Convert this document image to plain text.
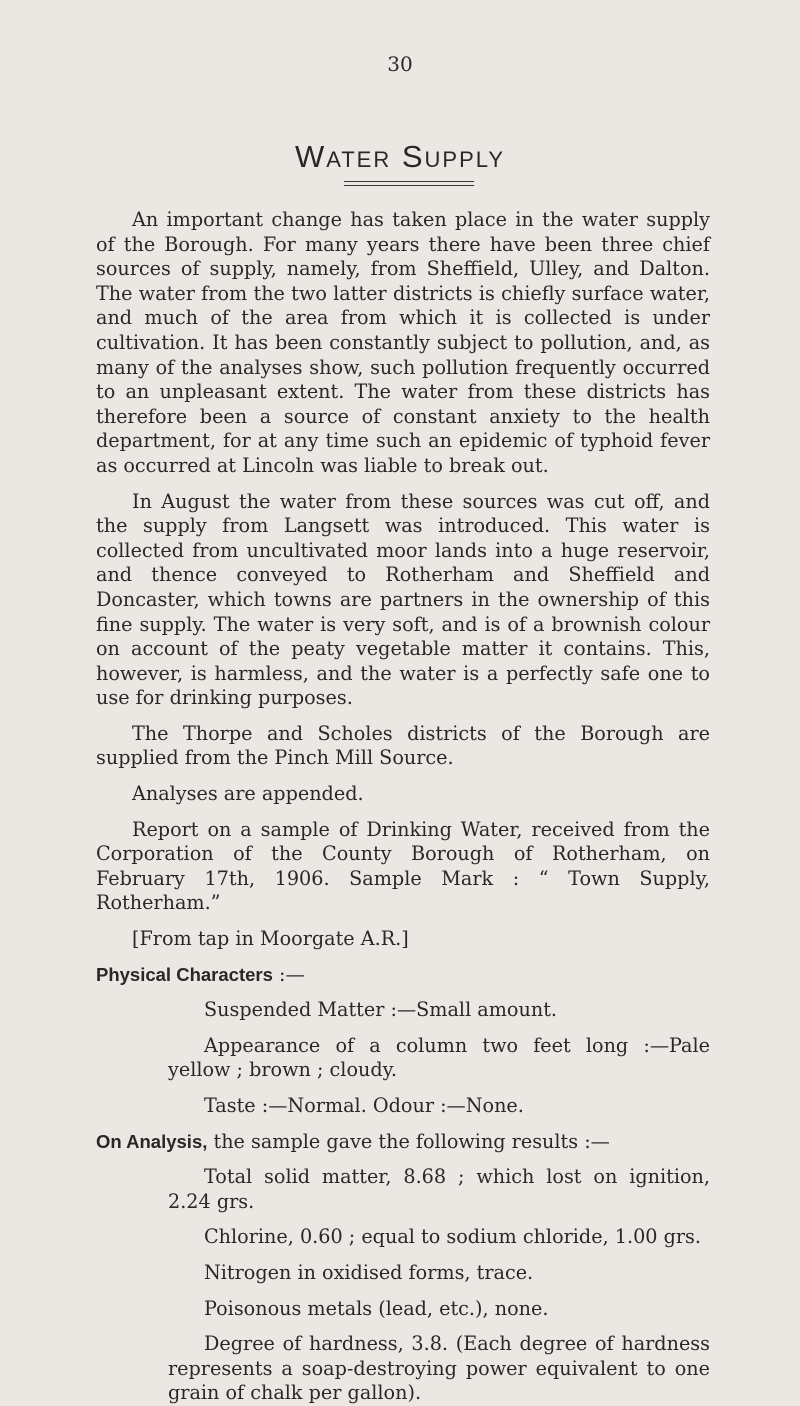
30
Water Supply

An important change has taken place in the water supply of the Borough. For many years there have been three chief sources of supply, namely, from Sheffield, Ulley, and Dalton. The water from the two latter districts is chiefly surface water, and much of the area from which it is collected is under cultivation. It has been constantly subject to pollution, and, as many of the analyses show, such pollution frequently occurred to an unpleasant extent. The water from these districts has therefore been a source of constant anxiety to the health department, for at any time such an epidemic of typhoid fever as occurred at Lincoln was liable to break out.

In August the water from these sources was cut off, and the supply from Langsett was introduced. This water is collected from uncultivated moor lands into a huge reservoir, and thence conveyed to Rotherham and Sheffield and Doncaster, which towns are partners in the ownership of this fine supply. The water is very soft, and is of a brownish colour on account of the peaty vegetable matter it contains. This, however, is harmless, and the water is a perfectly safe one to use for drinking purposes.

The Thorpe and Scholes districts of the Borough are supplied from the Pinch Mill Source.

Analyses are appended.

Report on a sample of Drinking Water, received from the Corporation of the County Borough of Rotherham, on February 17th, 1906. Sample Mark : “ Town Supply, Rotherham.”

[From tap in Moorgate A.R.]

Physical Characters :—

Suspended Matter :—Small amount.

Appearance of a column two feet long :—Pale yellow ; brown ; cloudy.

Taste :—Normal. Odour :—None.

On Analysis, the sample gave the following results :—

Total solid matter, 8.68 ; which lost on ignition, 2.24 grs.

Chlorine, 0.60 ; equal to sodium chloride, 1.00 grs.

Nitrogen in oxidised forms, trace.

Poisonous metals (lead, etc.), none.

Degree of hardness, 3.8. (Each degree of hardness represents a soap-destroying power equivalent to one grain of chalk per gallon).
